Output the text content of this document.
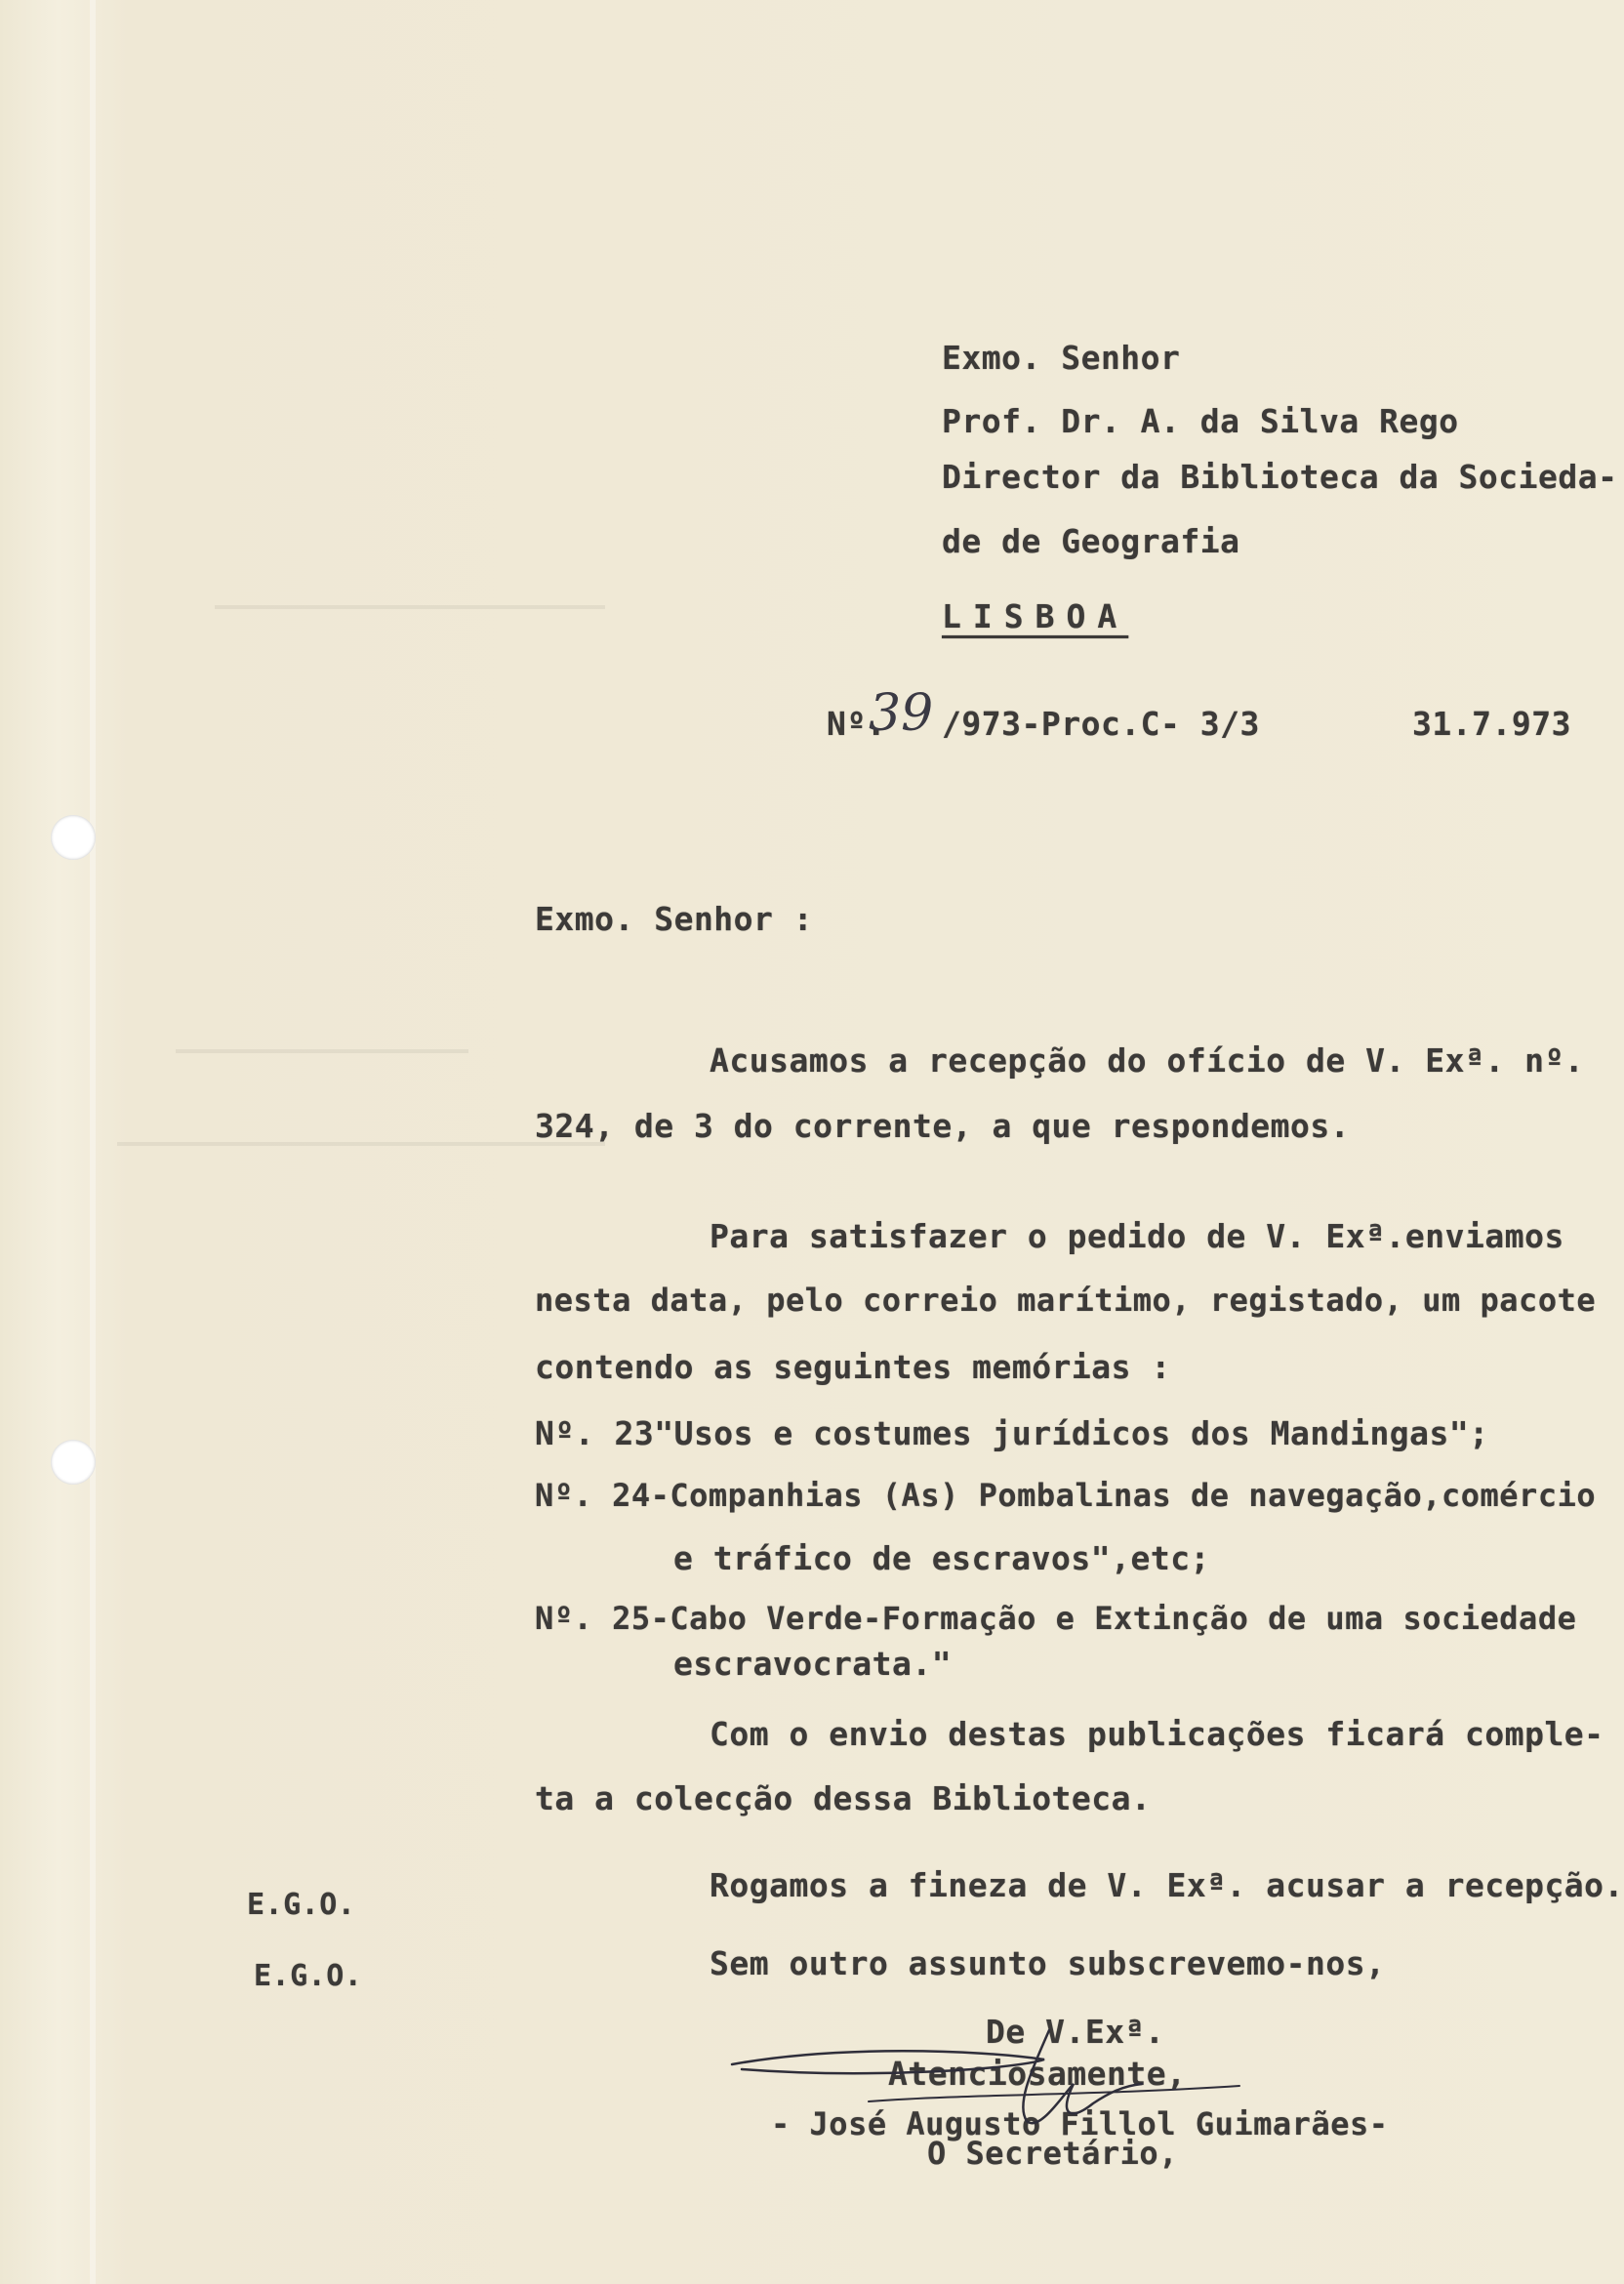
Exmo. Senhor
Prof. Dr. A. da Silva Rego
Director da Biblioteca da Socieda-
de de Geografia
LISBOA
Nº.
39 /973-Proc.C- 3/3	31.7.973
Exmo. Senhor :
Acusamos a recepção do ofício de V. Exª. nº.
324, de 3 do corrente, a que respondemos.
Para satisfazer o pedido de V. Exª.enviamos
nesta data, pelo correio marítimo, registado, um pacote
contendo as seguintes memórias :
Nº. 23"Usos e costumes jurídicos dos Mandingas";
Nº. 24-Companhias (As) Pombalinas de navegação,comércio
e tráfico de escravos",etc;
Nº. 25-Cabo Verde-Formação e Extinção de uma sociedade
escravocrata."
Com o envio destas publicações ficará comple-
ta a colecção dessa Biblioteca.
Rogamos a fineza de V. Exª. acusar a recepção.
Sem outro assunto subscrevemo-nos,
E.G.O.
E.G.O.
De V.Exª.
Atenciosamente,
- José Augusto Fillol Guimarães-
O Secretário,
